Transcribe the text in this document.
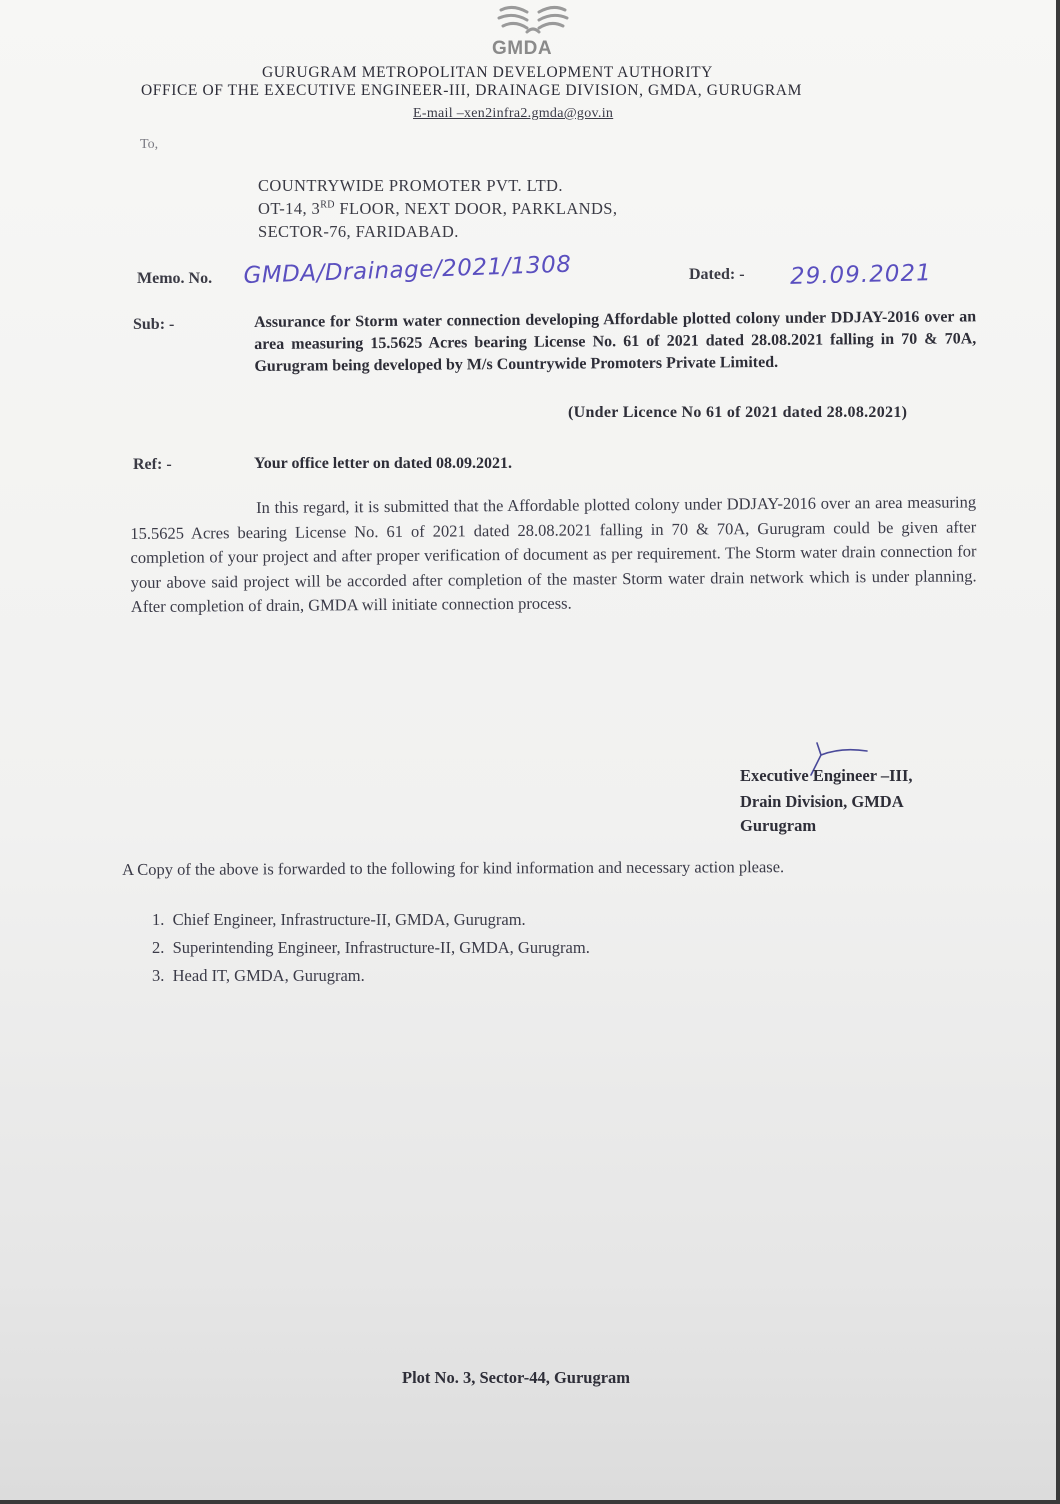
GMDA
GURUGRAM METROPOLITAN DEVELOPMENT AUTHORITY
OFFICE OF THE EXECUTIVE ENGINEER-III, DRAINAGE DIVISION, GMDA, GURUGRAM
E-mail –xen2infra2.gmda@gov.in
To,
COUNTRYWIDE PROMOTER PVT. LTD.
OT-14, 3RD FLOOR, NEXT DOOR, PARKLANDS,
SECTOR-76, FARIDABAD.
Memo. No. GMDA/Drainage/2021/1308	Dated: - 29.09.2021
Sub: -	Assurance for Storm water connection developing Affordable plotted colony under DDJAY-2016 over an area measuring 15.5625 Acres bearing License No. 61 of 2021 dated 28.08.2021 falling in 70 & 70A, Gurugram being developed by M/s Countrywide Promoters Private Limited.
(Under Licence No 61 of 2021 dated 28.08.2021)
Ref: -	Your office letter on dated 08.09.2021.
In this regard, it is submitted that the Affordable plotted colony under DDJAY-2016 over an area measuring 15.5625 Acres bearing License No. 61 of 2021 dated 28.08.2021 falling in 70 & 70A, Gurugram could be given after completion of your project and after proper verification of document as per requirement. The Storm water drain connection for your above said project will be accorded after completion of the master Storm water drain network which is under planning. After completion of drain, GMDA will initiate connection process.
Executive Engineer –III,
Drain Division, GMDA
Gurugram
A Copy of the above is forwarded to the following for kind information and necessary action please.
1. Chief Engineer, Infrastructure-II, GMDA, Gurugram.
2. Superintending Engineer, Infrastructure-II, GMDA, Gurugram.
3. Head IT, GMDA, Gurugram.
Plot No. 3, Sector-44, Gurugram
